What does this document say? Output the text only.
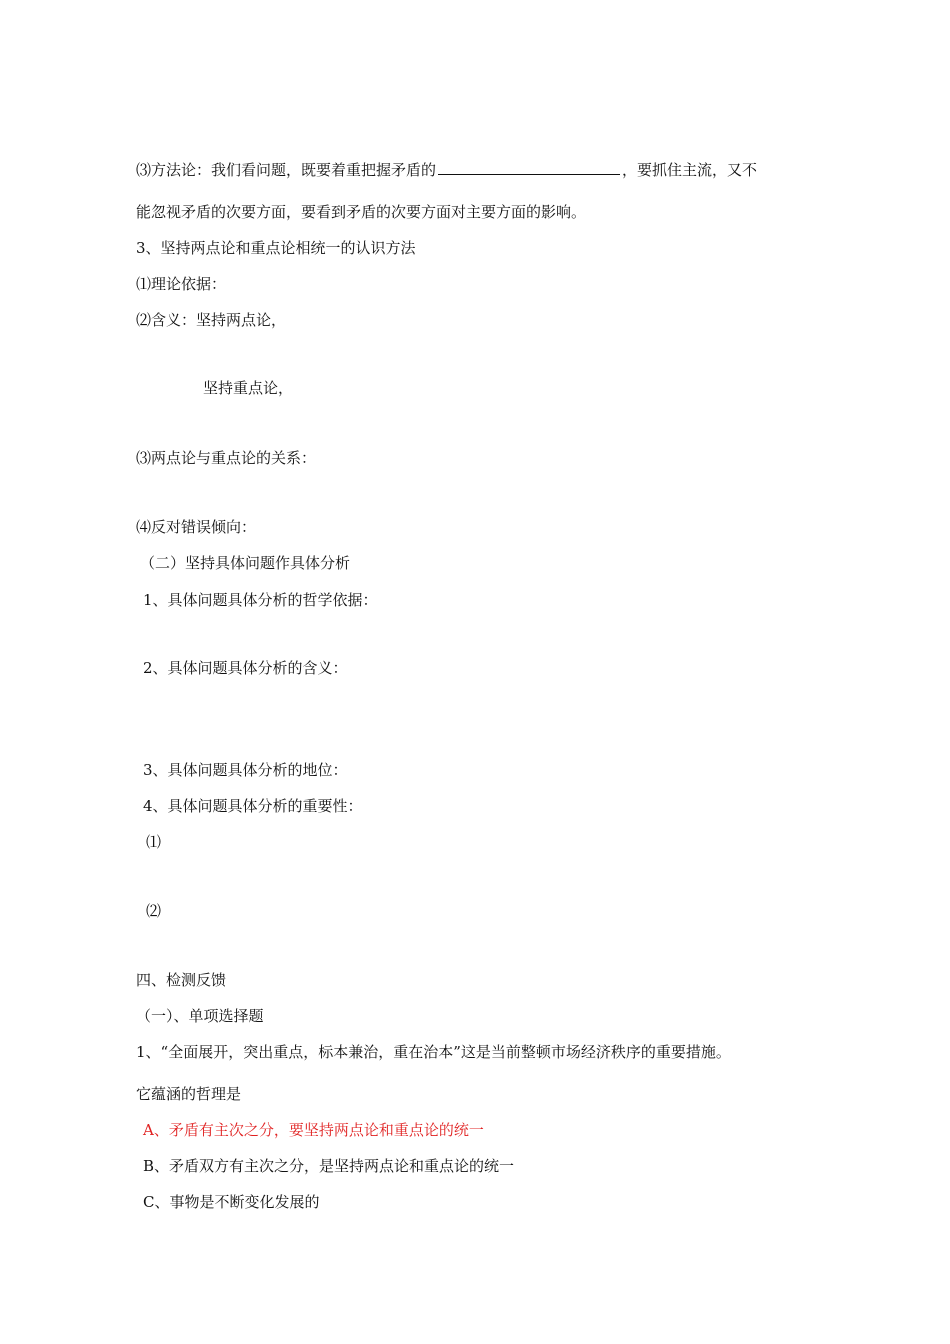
⑶方法论：我们看问题，既要着重把握矛盾的	，要抓住主流，又不
能忽视矛盾的次要方面，要看到矛盾的次要方面对主要方面的影响。
3、坚持两点论和重点论相统一的认识方法
⑴理论依据：
⑵含义：坚持两点论，
坚持重点论，
⑶两点论与重点论的关系：
⑷反对错误倾向：
（二）坚持具体问题作具体分析
1、具体问题具体分析的哲学依据：
2、具体问题具体分析的含义：
3、具体问题具体分析的地位：
4、具体问题具体分析的重要性：
⑴
⑵
四、检测反馈
（一）、单项选择题
1、“全面展开，突出重点，标本兼治，重在治本”这是当前整顿市场经济秩序的重要措施。
它蕴涵的哲理是
A、矛盾有主次之分，要坚持两点论和重点论的统一
B、矛盾双方有主次之分，是坚持两点论和重点论的统一
C、事物是不断变化发展的
